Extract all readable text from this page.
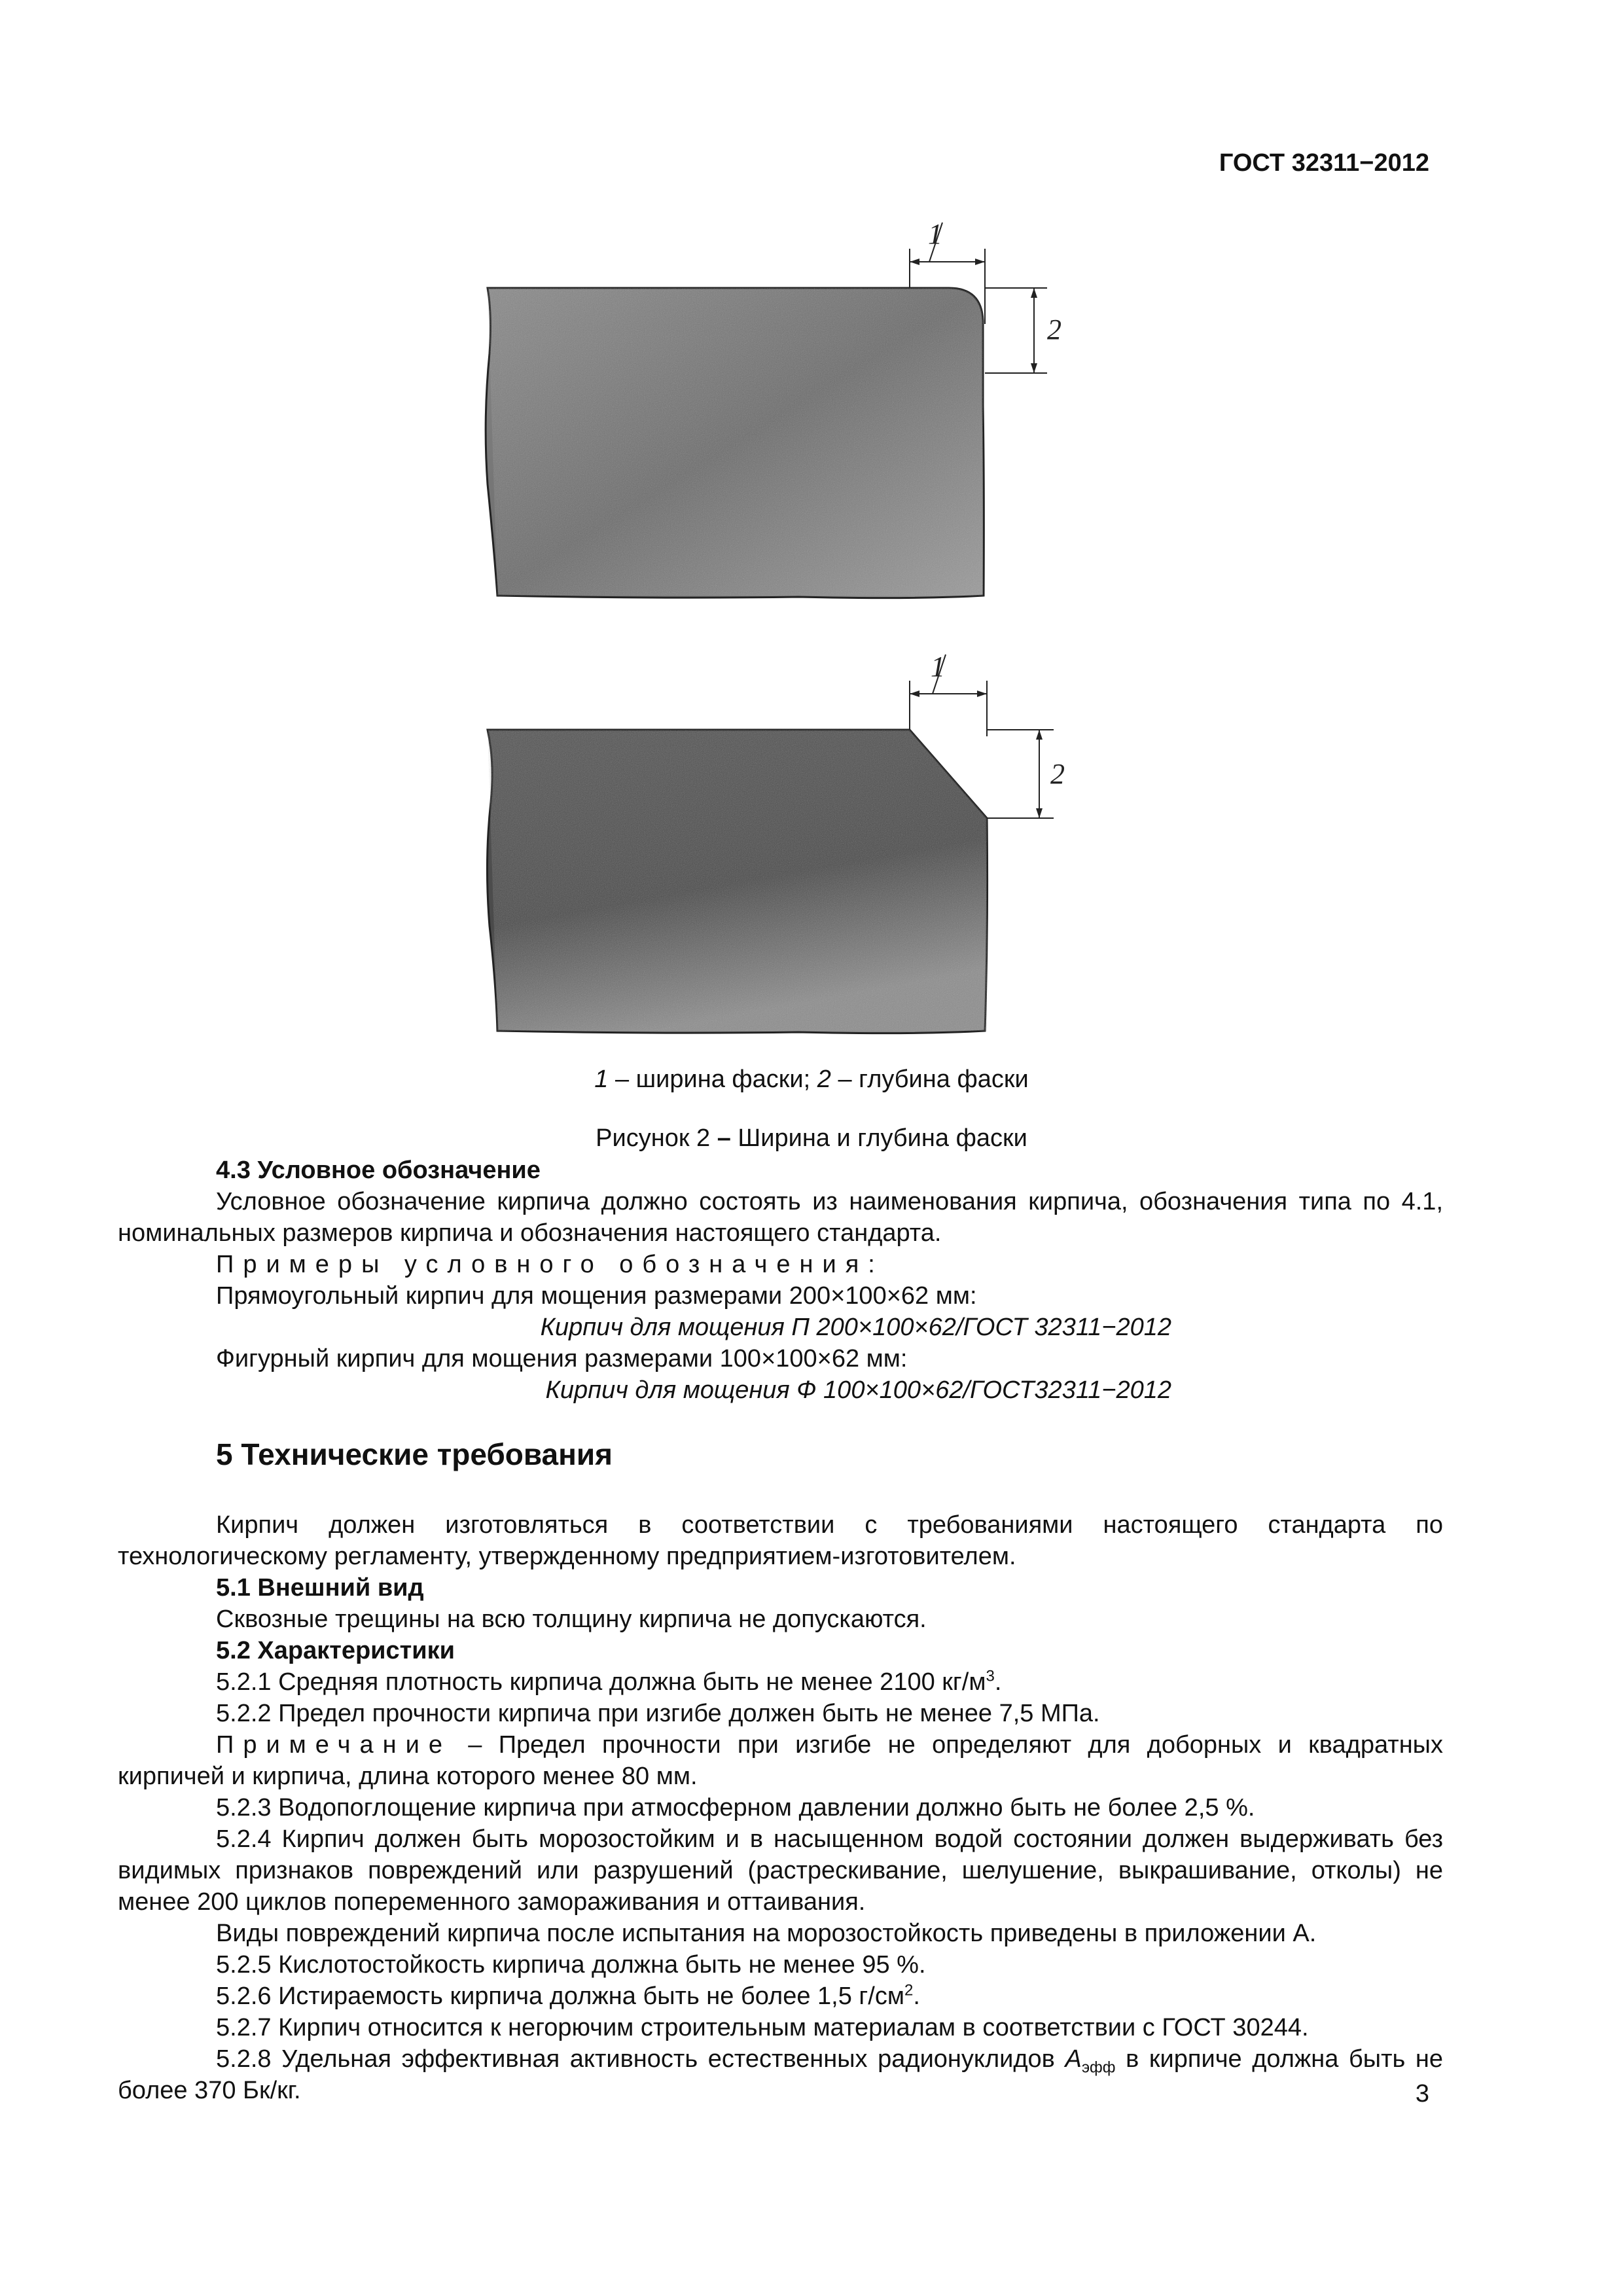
ГОСТ 32311−2012
1
2
1
2
1 – ширина фаски; 2 – глубина фаски
Рисунок 2 – Ширина и глубина фаски
4.3 Условное обозначение
Условное обозначение кирпича должно состоять из наименования кирпича, обозначения типа по 4.1, номинальных размеров кирпича и обозначения настоящего стандарта.
Примеры условного обозначения:
Прямоугольный кирпич для мощения размерами 200×100×62 мм:
Кирпич для мощения П 200×100×62/ГОСТ 32311−2012
Фигурный кирпич для мощения размерами 100×100×62 мм:
Кирпич для мощения Ф 100×100×62/ГОСТ32311−2012
5 Технические требования
Кирпич должен изготовляться в соответствии с требованиями настоящего стандарта по технологическому регламенту, утвержденному предприятием-изготовителем.
5.1 Внешний вид
Сквозные трещины на всю толщину кирпича не допускаются.
5.2 Характеристики
5.2.1 Средняя плотность кирпича должна быть не менее 2100 $кг/м^3$.
5.2.2 Предел прочности кирпича при изгибе должен быть не менее 7,5 МПа.
Примечание – Предел прочности при изгибе не определяют для доборных и квадратных кирпичей и кирпича, длина которого менее 80 мм.
5.2.3 Водопоглощение кирпича при атмосферном давлении должно быть не более 2,5 %.
5.2.4 Кирпич должен быть морозостойким и в насыщенном водой состоянии должен выдерживать без видимых признаков повреждений или разрушений (растрескивание, шелушение, выкрашивание, отколы) не менее 200 циклов попеременного замораживания и оттаивания.
Виды повреждений кирпича после испытания на морозостойкость приведены в приложении А.
5.2.5 Кислотостойкость кирпича должна быть не менее 95 %.
5.2.6 Истираемость кирпича должна быть не более 1,5 $г/см^2$.
5.2.7 Кирпич относится к негорючим строительным материалам в соответствии с ГОСТ 30244.
5.2.8 Удельная эффективная активность естественных радионуклидов $А_{эфф}$ в кирпиче должна быть не более 370 Бк/кг.	3
